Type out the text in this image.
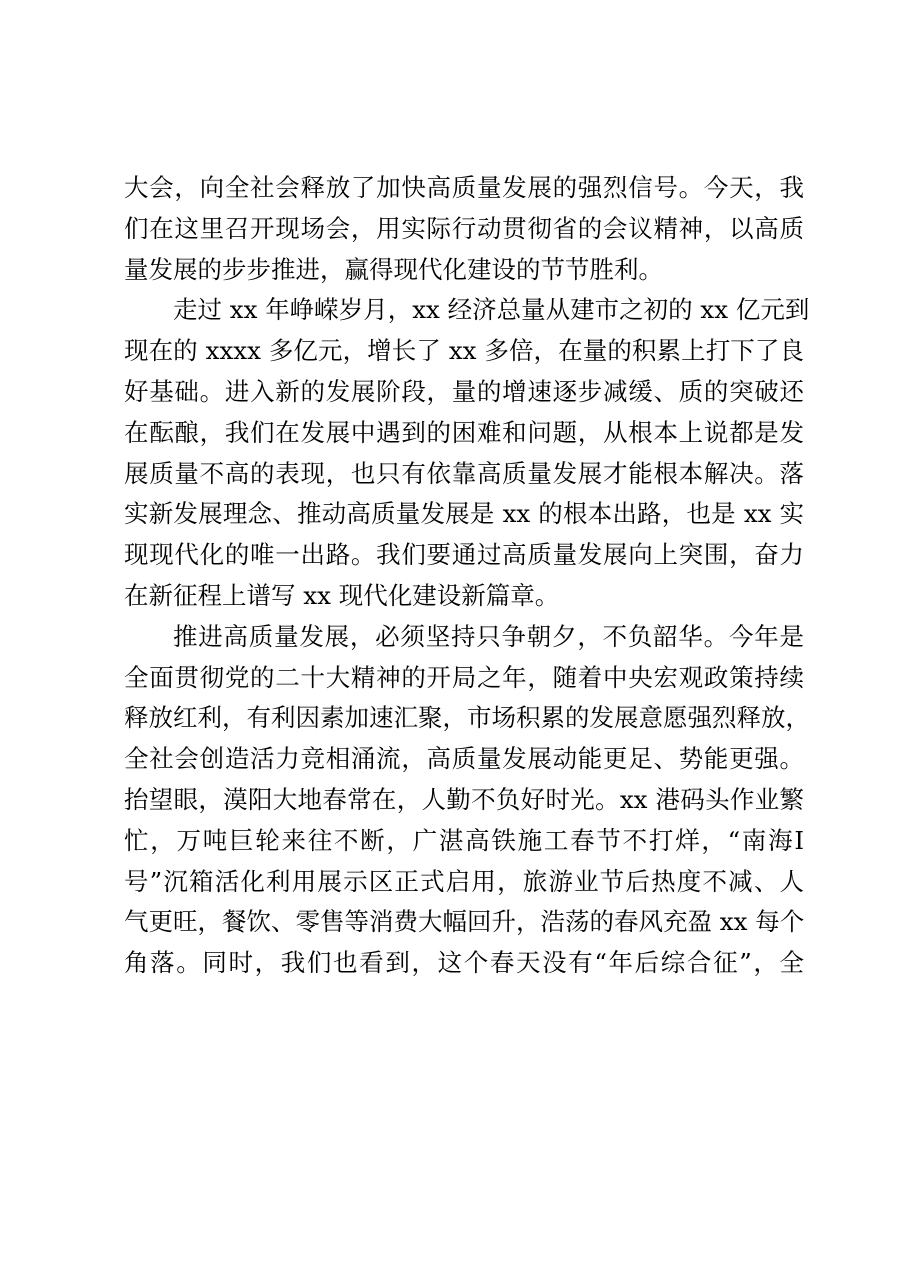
大会，向全社会释放了加快高质量发展的强烈信号。今天，我
们在这里召开现场会，用实际行动贯彻省的会议精神，以高质
量发展的步步推进，赢得现代化建设的节节胜利。
走过 xx 年峥嵘岁月，xx 经济总量从建市之初的 xx 亿元到
现在的 xxxx 多亿元，增长了 xx 多倍，在量的积累上打下了良
好基础。进入新的发展阶段，量的增速逐步减缓、质的突破还
在酝酿，我们在发展中遇到的困难和问题，从根本上说都是发
展质量不高的表现，也只有依靠高质量发展才能根本解决。落
实新发展理念、推动高质量发展是 xx 的根本出路，也是 xx 实
现现代化的唯一出路。我们要通过高质量发展向上突围，奋力
在新征程上谱写 xx 现代化建设新篇章。
推进高质量发展，必须坚持只争朝夕，不负韶华。今年是
全面贯彻党的二十大精神的开局之年，随着中央宏观政策持续
释放红利，有利因素加速汇聚，市场积累的发展意愿强烈释放，
全社会创造活力竞相涌流，高质量发展动能更足、势能更强。
抬望眼，漠阳大地春常在，人勤不负好时光。xx 港码头作业繁
忙，万吨巨轮来往不断，广湛高铁施工春节不打烊，“南海Ⅰ
号”沉箱活化利用展示区正式启用，旅游业节后热度不减、人
气更旺，餐饮、零售等消费大幅回升，浩荡的春风充盈 xx 每个
角落。同时，我们也看到，这个春天没有“年后综合征”，全
